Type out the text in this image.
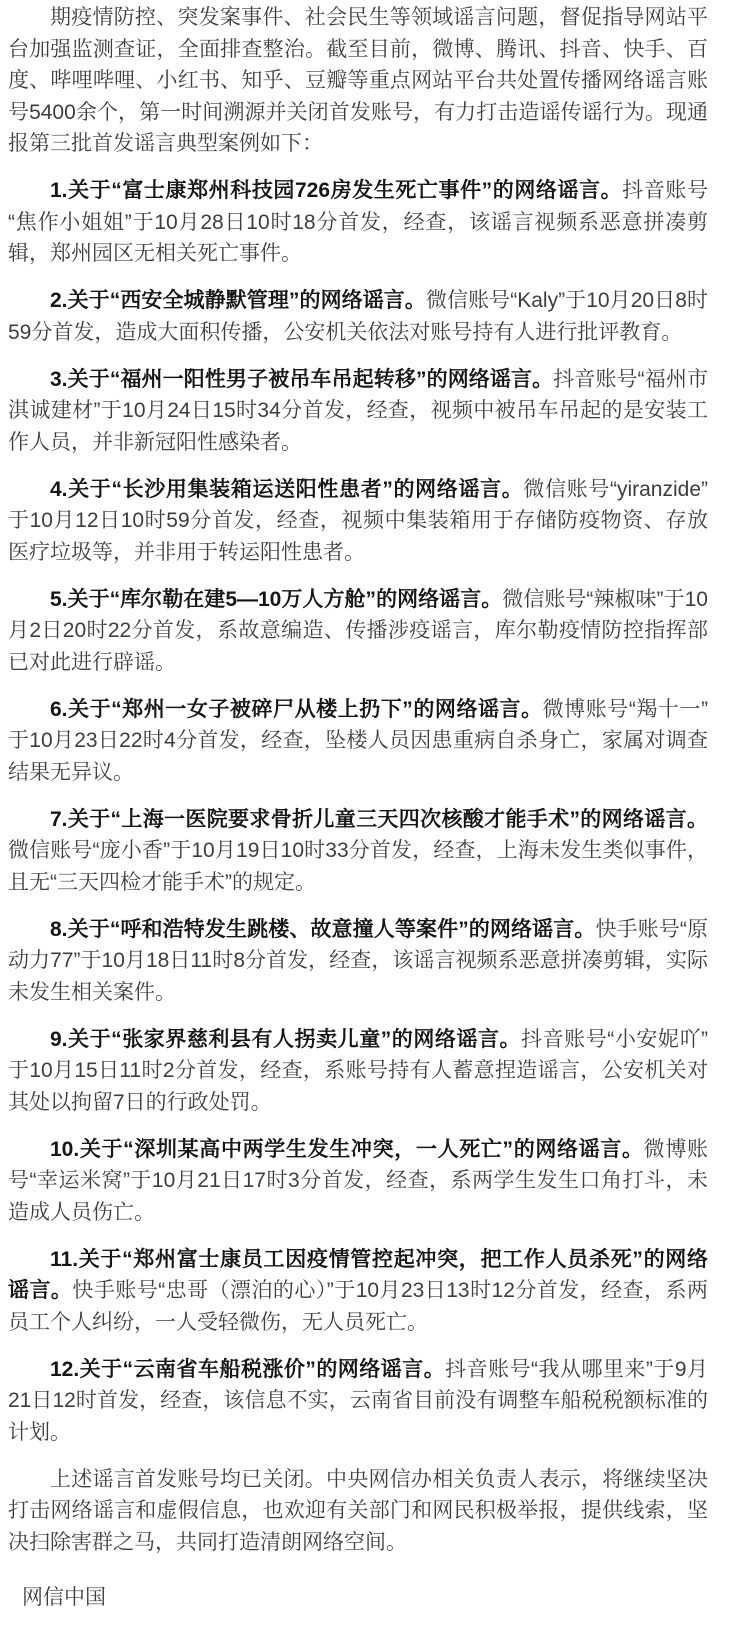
期疫情防控、突发案事件、社会民生等领域谣言问题，督促指导网站平台加强监测查证，全面排查整治。截至目前，微博、腾讯、抖音、快手、百度、哔哩哔哩、小红书、知乎、豆瓣等重点网站平台共处置传播网络谣言账号5400余个，第一时间溯源并关闭首发账号，有力打击造谣传谣行为。现通报第三批首发谣言典型案例如下：

1.关于“富士康郑州科技园726房发生死亡事件”的网络谣言。抖音账号“焦作小姐姐”于10月28日10时18分首发，经查，该谣言视频系恶意拼凑剪辑，郑州园区无相关死亡事件。

2.关于“西安全城静默管理”的网络谣言。微信账号“Kaly”于10月20日8时59分首发，造成大面积传播，公安机关依法对账号持有人进行批评教育。

3.关于“福州一阳性男子被吊车吊起转移”的网络谣言。抖音账号“福州市淇诚建材”于10月24日15时34分首发，经查，视频中被吊车吊起的是安装工作人员，并非新冠阳性感染者。

4.关于“长沙用集装箱运送阳性患者”的网络谣言。微信账号“yiranzide”于10月12日10时59分首发，经查，视频中集装箱用于存储防疫物资、存放医疗垃圾等，并非用于转运阳性患者。

5.关于“库尔勒在建5—10万人方舱”的网络谣言。微信账号“辣椒味”于10月2日20时22分首发，系故意编造、传播涉疫谣言，库尔勒疫情防控指挥部已对此进行辟谣。

6.关于“郑州一女子被碎尸从楼上扔下”的网络谣言。微博账号“羯十一”于10月23日22时4分首发，经查，坠楼人员因患重病自杀身亡，家属对调查结果无异议。

7.关于“上海一医院要求骨折儿童三天四次核酸才能手术”的网络谣言。微信账号“庞小香”于10月19日10时33分首发，经查，上海未发生类似事件，且无“三天四检才能手术”的规定。

8.关于“呼和浩特发生跳楼、故意撞人等案件”的网络谣言。快手账号“原动力77”于10月18日11时8分首发，经查，该谣言视频系恶意拼凑剪辑，实际未发生相关案件。

9.关于“张家界慈利县有人拐卖儿童”的网络谣言。抖音账号“小安妮吖”于10月15日11时2分首发，经查，系账号持有人蓄意捏造谣言，公安机关对其处以拘留7日的行政处罚。

10.关于“深圳某高中两学生发生冲突，一人死亡”的网络谣言。微博账号“幸运米窝”于10月21日17时3分首发，经查，系两学生发生口角打斗，未造成人员伤亡。

11.关于“郑州富士康员工因疫情管控起冲突，把工作人员杀死”的网络谣言。快手账号“忠哥（漂泊的心）”于10月23日13时12分首发，经查，系两员工个人纠纷，一人受轻微伤，无人员死亡。

12.关于“云南省车船税涨价”的网络谣言。抖音账号“我从哪里来”于9月21日12时首发，经查，该信息不实，云南省目前没有调整车船税税额标准的计划。

上述谣言首发账号均已关闭。中央网信办相关负责人表示，将继续坚决打击网络谣言和虚假信息，也欢迎有关部门和网民积极举报，提供线索，坚决扫除害群之马，共同打造清朗网络空间。

网信中国
